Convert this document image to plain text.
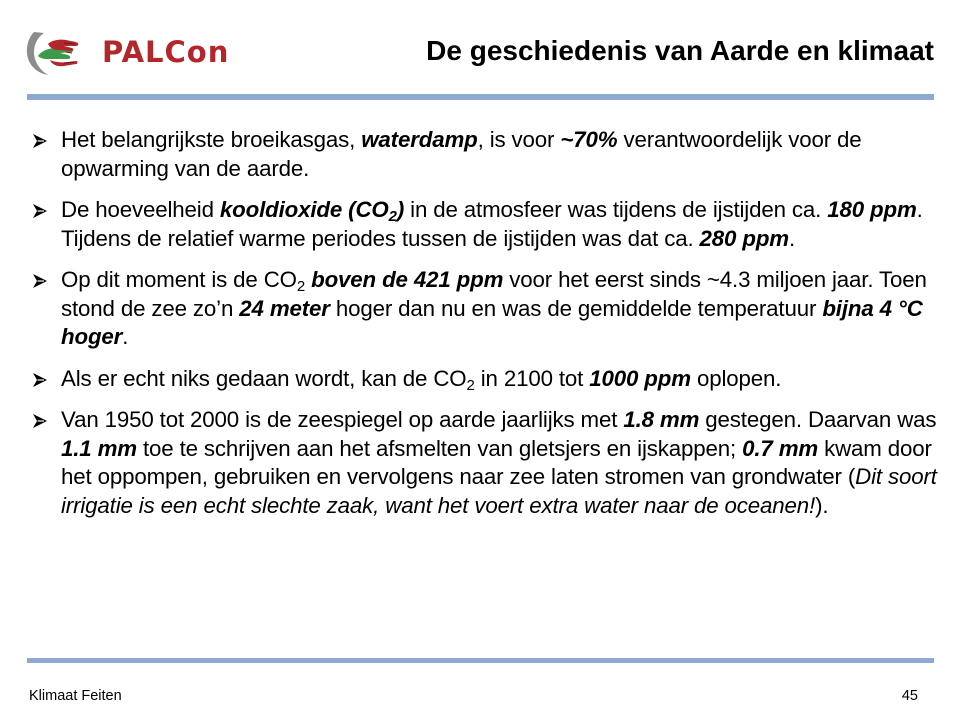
PALCon	De geschiedenis van Aarde en klimaat
Het belangrijkste broeikasgas, waterdamp, is voor ~70% verantwoordelijk voor de opwarming van de aarde.
De hoeveelheid kooldioxide $(CO_2)$ in de atmosfeer was tijdens de ijstijden ca. 180 ppm. Tijdens de relatief warme periodes tussen de ijstijden was dat ca. 280 ppm.
Op dit moment is de $CO_2$ boven de 421 ppm voor het eerst sinds ~4.3 miljoen jaar. Toen stond de zee zo’n 24 meter hoger dan nu en was de gemiddelde temperatuur bijna 4 °C hoger.
Als er echt niks gedaan wordt, kan de $CO_2$ in 2100 tot 1000 ppm oplopen.
Van 1950 tot 2000 is de zeespiegel op aarde jaarlijks met 1.8 mm gestegen. Daarvan was 1.1 mm toe te schrijven aan het afsmelten van gletsjers en ijskappen; 0.7 mm kwam door het oppompen, gebruiken en vervolgens naar zee laten stromen van grondwater (Dit soort irrigatie is een echt slechte zaak, want het voert extra water naar de oceanen!).
Klimaat Feiten	45
